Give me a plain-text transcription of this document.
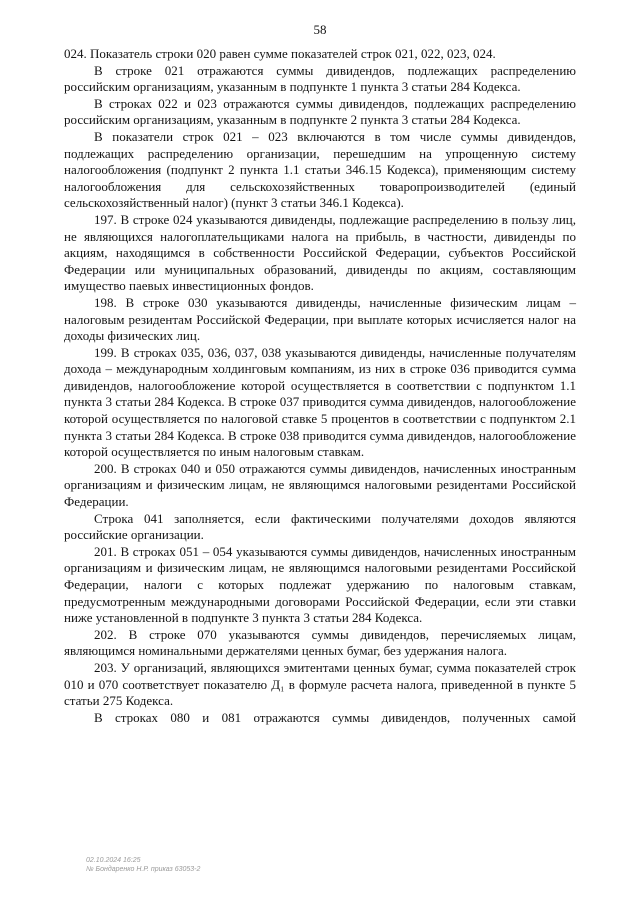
58

024. Показатель строки 020 равен сумме показателей строк 021, 022, 023, 024.

В строке 021 отражаются суммы дивидендов, подлежащих распределению российским организациям, указанным в подпункте 1 пункта 3 статьи 284 Кодекса.

В строках 022 и 023 отражаются суммы дивидендов, подлежащих распределению российским организациям, указанным в подпункте 2 пункта 3 статьи 284 Кодекса.

В показатели строк 021 – 023 включаются в том числе суммы дивидендов, подлежащих распределению организации, перешедшим на упрощенную систему налогообложения (подпункт 2 пункта 1.1 статьи 346.15 Кодекса), применяющим систему налогообложения для сельскохозяйственных товаропроизводителей (единый сельскохозяйственный налог) (пункт 3 статьи 346.1 Кодекса).

197. В строке 024 указываются дивиденды, подлежащие распределению в пользу лиц, не являющихся налогоплательщиками налога на прибыль, в частности, дивиденды по акциям, находящимся в собственности Российской Федерации, субъектов Российской Федерации или муниципальных образований, дивиденды по акциям, составляющим имущество паевых инвестиционных фондов.

198. В строке 030 указываются дивиденды, начисленные физическим лицам – налоговым резидентам Российской Федерации, при выплате которых исчисляется налог на доходы физических лиц.

199. В строках 035, 036, 037, 038 указываются дивиденды, начисленные получателям дохода – международным холдинговым компаниям, из них в строке 036 приводится сумма дивидендов, налогообложение которой осуществляется в соответствии с подпунктом 1.1 пункта 3 статьи 284 Кодекса. В строке 037 приводится сумма дивидендов, налогообложение которой осуществляется по налоговой ставке 5 процентов в соответствии с подпунктом 2.1 пункта 3 статьи 284 Кодекса. В строке 038 приводится сумма дивидендов, налогообложение которой осуществляется по иным налоговым ставкам.

200. В строках 040 и 050 отражаются суммы дивидендов, начисленных иностранным организациям и физическим лицам, не являющимся налоговыми резидентами Российской Федерации.

Строка 041 заполняется, если фактическими получателями доходов являются российские организации.

201. В строках 051 – 054 указываются суммы дивидендов, начисленных иностранным организациям и физическим лицам, не являющимся налоговыми резидентами Российской Федерации, налоги с которых подлежат удержанию по налоговым ставкам, предусмотренным международными договорами Российской Федерации, если эти ставки ниже установленной в подпункте 3 пункта 3 статьи 284 Кодекса.

202. В строке 070 указываются суммы дивидендов, перечисляемых лицам, являющимся номинальными держателями ценных бумаг, без удержания налога.

203. У организаций, являющихся эмитентами ценных бумаг, сумма показателей строк 010 и 070 соответствует показателю Д₁ в формуле расчета налога, приведенной в пункте 5 статьи 275 Кодекса.

В строках 080 и 081 отражаются суммы дивидендов, полученных самой

02.10.2024 16:25
№ Бондаренко Н.Р. приказ 63053-2
